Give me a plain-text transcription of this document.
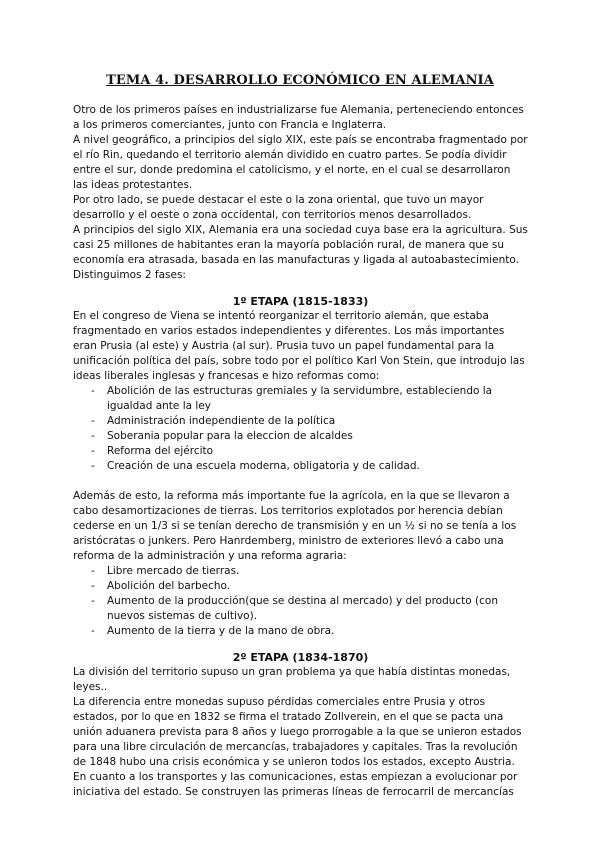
TEMA 4. DESARROLLO ECONÓMICO EN ALEMANIA

Otro de los primeros países en industrializarse fue Alemania, perteneciendo entonces a los primeros comerciantes, junto con Francia e Inglaterra.

A nivel geográfico, a principios del siglo XIX, este país se encontraba fragmentado por el río Rin, quedando el territorio alemán dividido en cuatro partes. Se podía dividir entre el sur, donde predomina el catolicismo, y el norte, en el cual se desarrollaron las ideas protestantes.

Por otro lado, se puede destacar el este o la zona oriental, que tuvo un mayor desarrollo y el oeste o zona occidental, con territorios menos desarrollados.

A principios del siglo XIX, Alemania era una sociedad cuya base era la agricultura. Sus casi 25 millones de habitantes eran la mayoría población rural, de manera que su economía era atrasada, basada en las manufacturas y ligada al autoabastecimiento. Distinguimos 2 fases:

1º ETAPA (1815-1833)

En el congreso de Viena se intentó reorganizar el territorio alemán, que estaba fragmentado en varios estados independientes y diferentes. Los más importantes eran Prusia (al este) y Austria (al sur). Prusia tuvo un papel fundamental para la unificación política del país, sobre todo por el político Karl Von Stein, que introdujo las ideas liberales inglesas y francesas e hizo reformas como:

- Abolición de las estructuras gremiales y la servidumbre, estableciendo la igualdad ante la ley
- Administración independiente de la política
- Soberania popular para la eleccion de alcaldes
- Reforma del ejército
- Creación de una escuela moderna, obligatoria y de calidad.

Además de esto, la reforma más importante fue la agrícola, en la que se llevaron a cabo desamortizaciones de tierras. Los territorios explotados por herencia debían cederse en un 1/3 si se tenían derecho de transmisión y en un ½ si no se tenía a los aristócratas o junkers. Pero Hanrdemberg, ministro de exteriores llevó a cabo una reforma de la administración y una reforma agraria:

- Libre mercado de tierras.
- Abolición del barbecho.
- Aumento de la producción(que se destina al mercado) y del producto (con nuevos sistemas de cultivo).
- Aumento de la tierra y de la mano de obra.
2º ETAPA (1834-1870)

La división del territorio supuso un gran problema ya que había distintas monedas, leyes..

La diferencia entre monedas supuso pérdidas comerciales entre Prusia y otros estados, por lo que en 1832 se firma el tratado Zollverein, en el que se pacta una unión aduanera prevista para 8 años y luego prorrogable a la que se unieron estados para una libre circulación de mercancías, trabajadores y capitales. Tras la revolución de 1848 hubo una crisis económica y se unieron todos los estados, excepto Austria.

En cuanto a los transportes y las comunicaciones, estas empiezan a evolucionar por iniciativa del estado. Se construyen las primeras líneas de ferrocarril de mercancías
